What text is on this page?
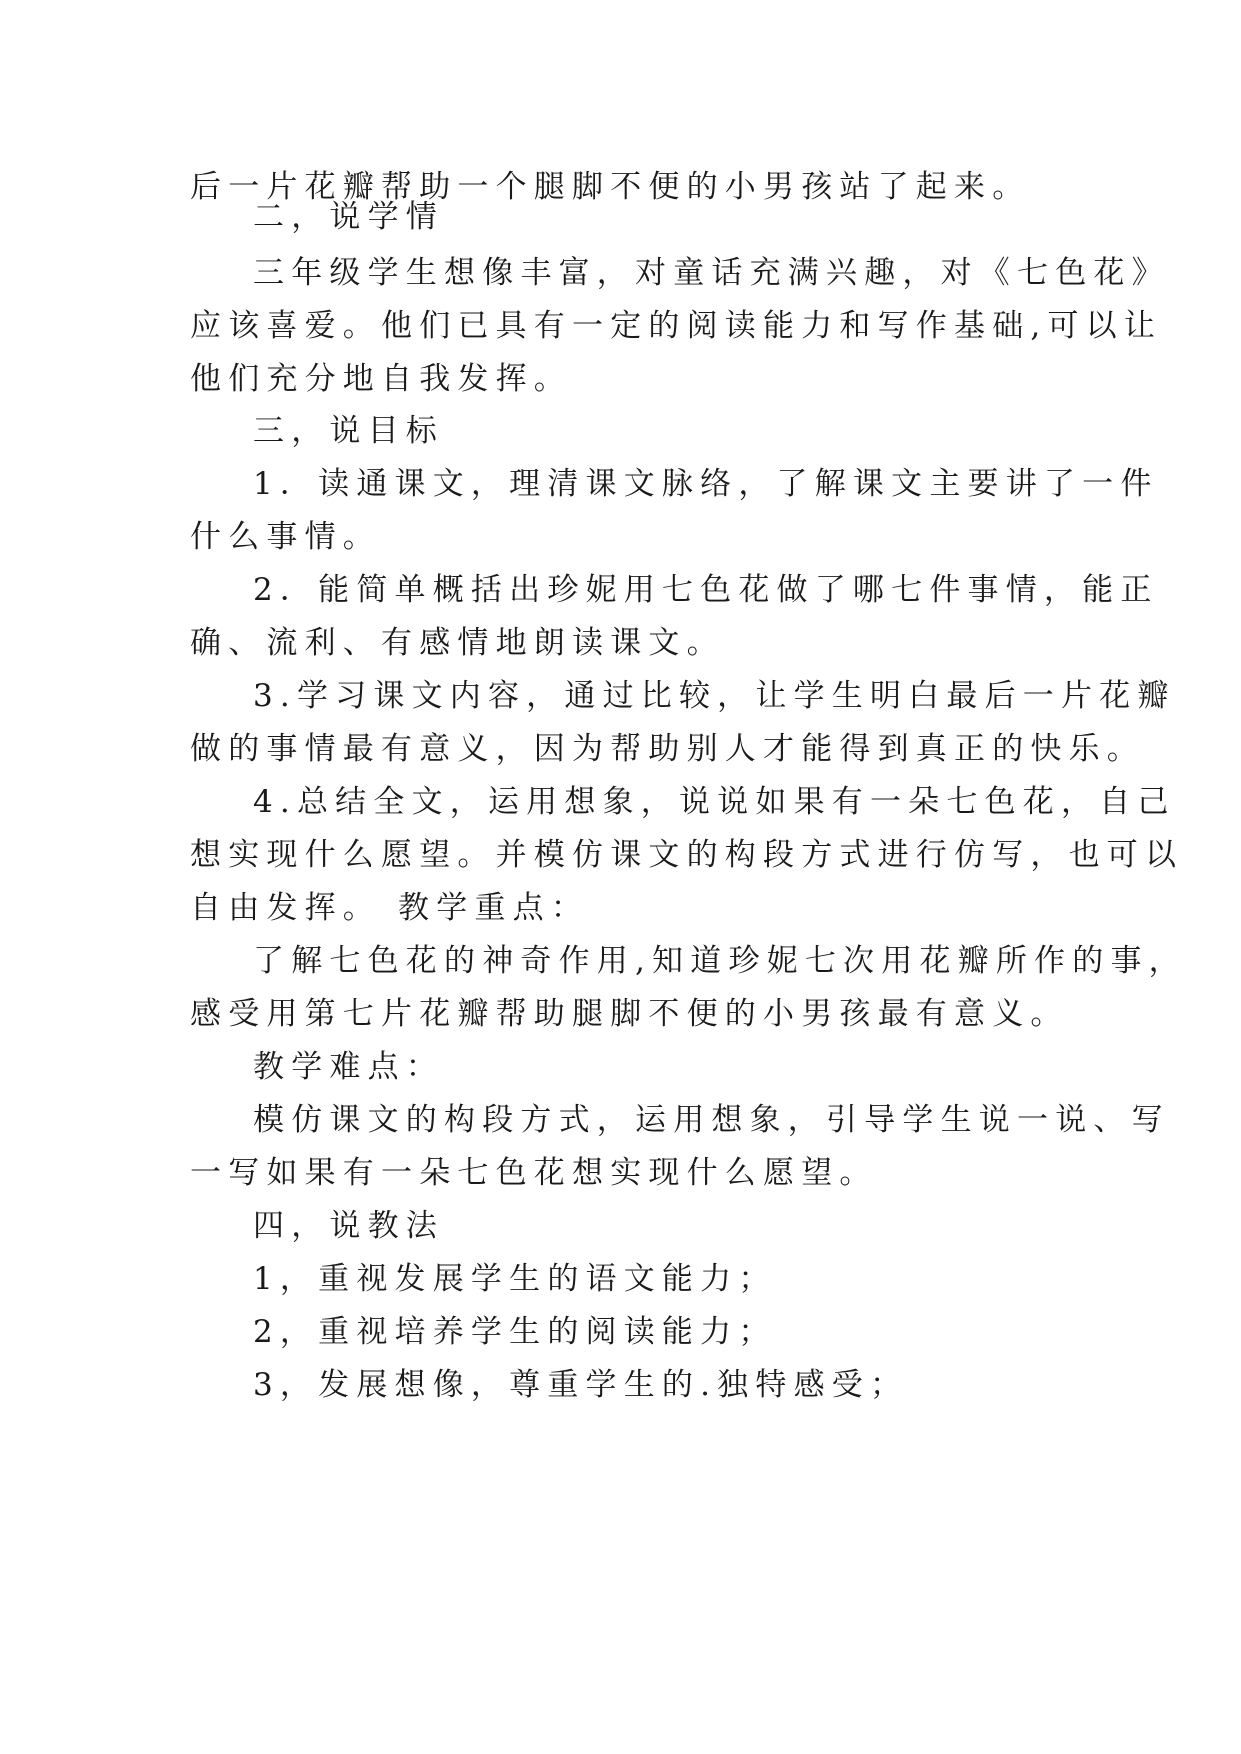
后一片花瓣帮助一个腿脚不便的小男孩站了起来。
二，说学情
三年级学生想像丰富，对童话充满兴趣，对《七色花》
应该喜爱。他们已具有一定的阅读能力和写作基础,可以让
他们充分地自我发挥。
三，说目标
1．读通课文，理清课文脉络，了解课文主要讲了一件
什么事情。
2．能简单概括出珍妮用七色花做了哪七件事情，能正
确、流利、有感情地朗读课文。
3.学习课文内容，通过比较，让学生明白最后一片花瓣
做的事情最有意义，因为帮助别人才能得到真正的快乐。
4.总结全文，运用想象，说说如果有一朵七色花，自己
想实现什么愿望。并模仿课文的构段方式进行仿写，也可以
自由发挥。 教学重点：
了解七色花的神奇作用,知道珍妮七次用花瓣所作的事，
感受用第七片花瓣帮助腿脚不便的小男孩最有意义。
教学难点：
模仿课文的构段方式，运用想象，引导学生说一说、写
一写如果有一朵七色花想实现什么愿望。
四，说教法
1，重视发展学生的语文能力；
2，重视培养学生的阅读能力；
3，发展想像，尊重学生的.独特感受；
